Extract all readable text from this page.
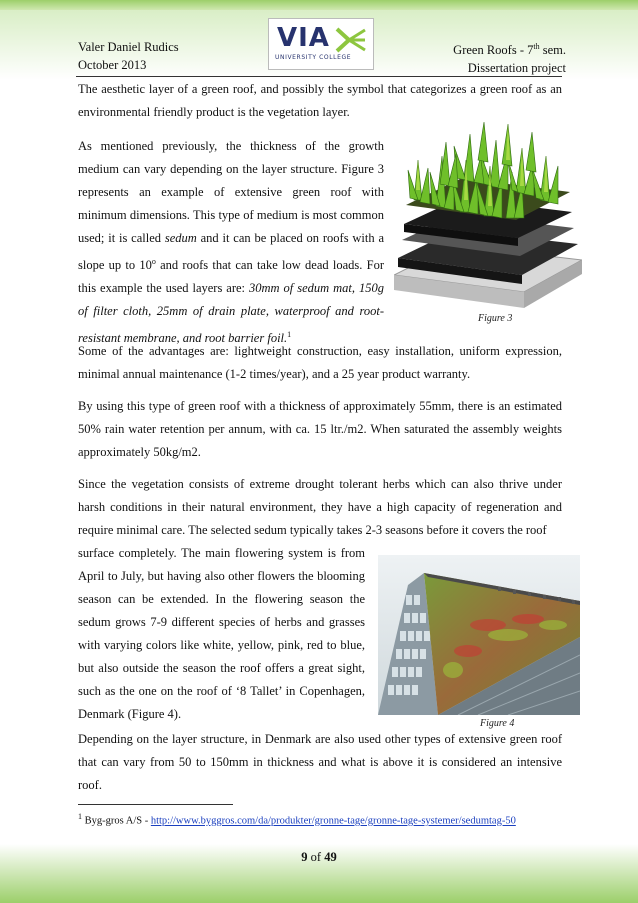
Valer Daniel Rudics
October 2013
VIA
UNIVERSITY COLLEGE
Green Roofs - 7th sem.
Dissertation project

The aesthetic layer of a green roof, and possibly the symbol that categorizes a green roof as an environmental friendly product is the vegetation layer.

As mentioned previously, the thickness of the growth medium can vary depending on the layer structure. Figure 3 represents an example of extensive green roof with minimum dimensions. This type of medium is most common used; it is called sedum and it can be placed on roofs with a slope up to 10$^o$ and roofs that can take low dead loads. For this example the used layers are: 30mm of sedum mat, 150g of filter cloth, 25mm of drain plate, waterproof and root-resistant membrane, and root barrier foil.$^1$

Figure 3

Some of the advantages are: lightweight construction, easy installation, uniform expression, minimal annual maintenance (1-2 times/year), and a 25 year product warranty.

By using this type of green roof with a thickness of approximately 55mm, there is an estimated 50% rain water retention per annum, with ca. 15 ltr./m2. When saturated the assembly weights approximately 50kg/m2.

Since the vegetation consists of extreme drought tolerant herbs which can also thrive under harsh conditions in their natural environment, they have a high capacity of regeneration and require minimal care. The selected sedum typically takes 2-3 seasons before it covers the roof

surface completely. The main flowering system is from April to July, but having also other flowers the blooming season can be extended. In the flowering season the sedum grows 7-9 different species of herbs and grasses with varying colors like white, yellow, pink, red to blue, but also outside the season the roof offers a great sight, such as the one on the roof of ‘8 Tallet’ in Copenhagen, Denmark (Figure 4).

Figure 4

Depending on the layer structure, in Denmark are also used other types of extensive green roof that can vary from 50 to 150mm in thickness and what is above it is considered an intensive roof.

$^1$ Byg-gros A/S - http://www.byggros.com/da/produkter/gronne-tage/gronne-tage-systemer/sedumtag-50
9 of 49
